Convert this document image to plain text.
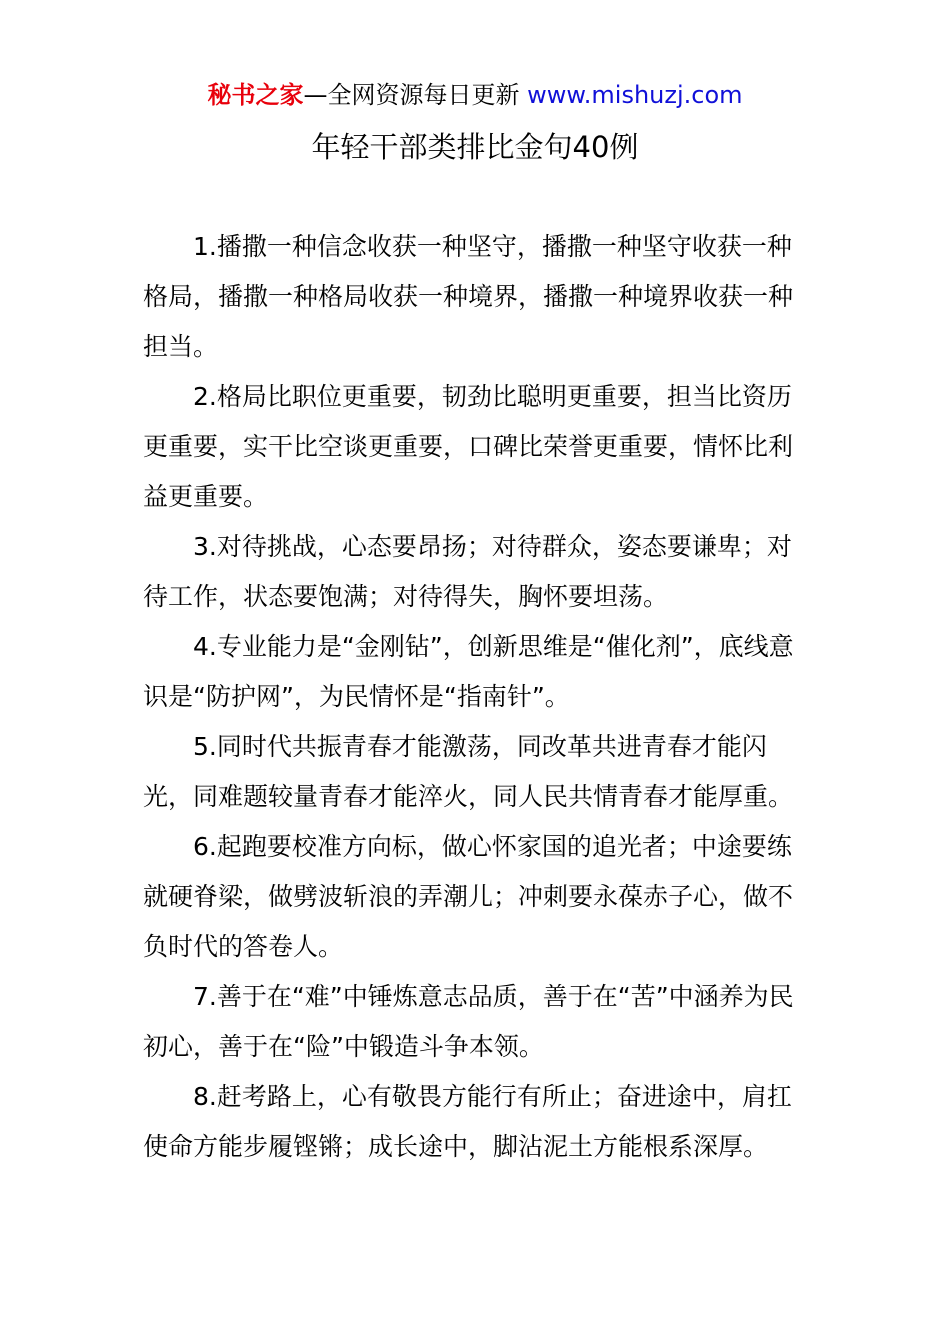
秘书之家—全网资源每日更新 www.mishuzj.com
年轻干部类排比金句40例

1.播撒一种信念收获一种坚守，播撒一种坚守收获一种格局，播撒一种格局收获一种境界，播撒一种境界收获一种担当。

2.格局比职位更重要，韧劲比聪明更重要，担当比资历更重要，实干比空谈更重要，口碑比荣誉更重要，情怀比利益更重要。

3.对待挑战，心态要昂扬；对待群众，姿态要谦卑；对待工作，状态要饱满；对待得失，胸怀要坦荡。

4.专业能力是“金刚钻”，创新思维是“催化剂”，底线意识是“防护网”，为民情怀是“指南针”。

5.同时代共振青春才能激荡，同改革共进青春才能闪光，同难题较量青春才能淬火，同人民共情青春才能厚重。

6.起跑要校准方向标，做心怀家国的追光者；中途要练就硬脊梁，做劈波斩浪的弄潮儿；冲刺要永葆赤子心，做不负时代的答卷人。

7.善于在“难”中锤炼意志品质，善于在“苦”中涵养为民初心，善于在“险”中锻造斗争本领。

8.赶考路上，心有敬畏方能行有所止；奋进途中，肩扛使命方能步履铿锵；成长途中，脚沾泥土方能根系深厚。
